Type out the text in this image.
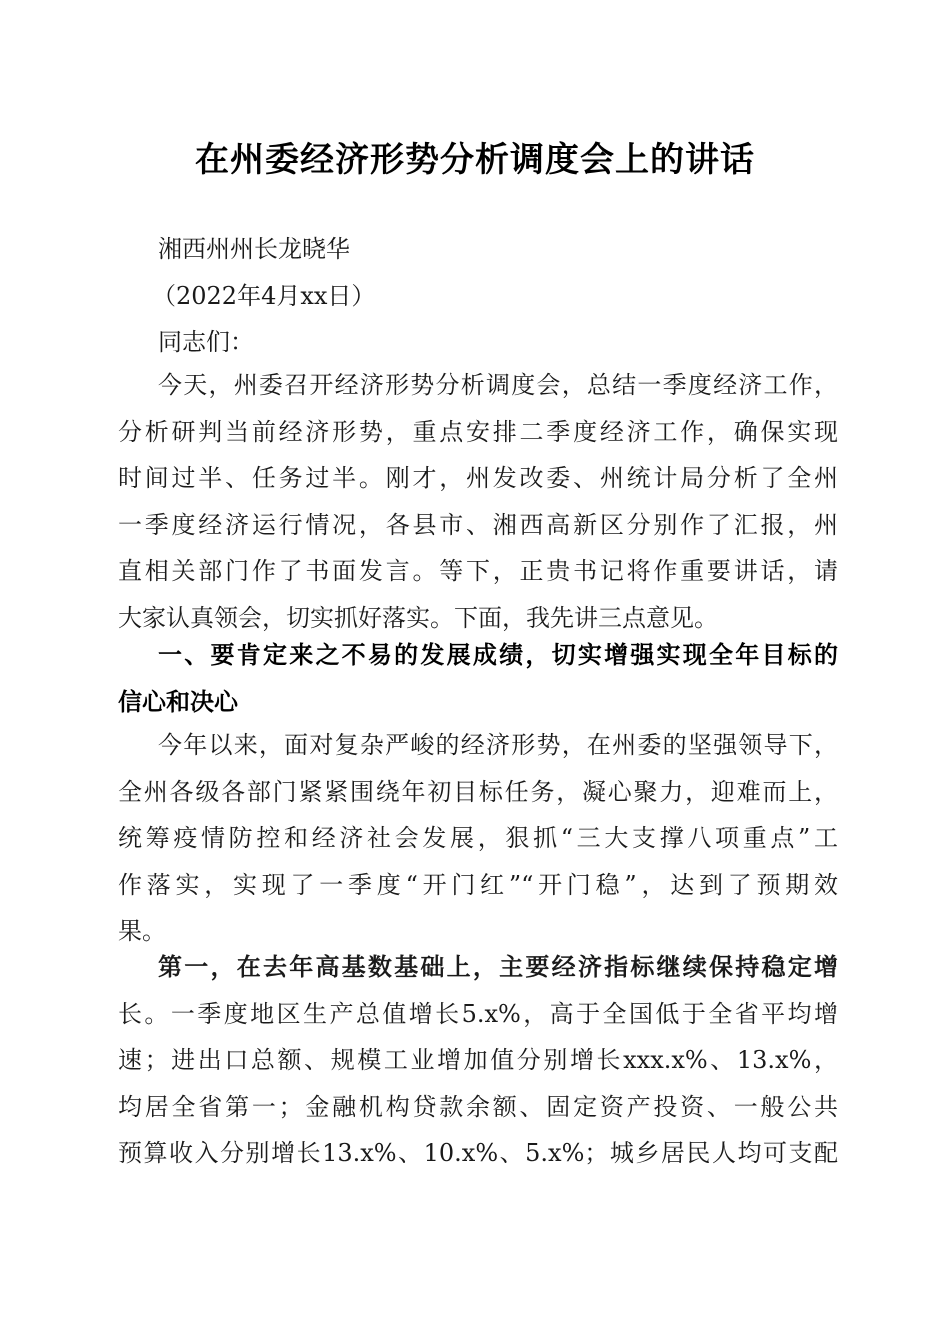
在州委经济形势分析调度会上的讲话
湘西州州长龙晓华
（2022年4月xx日）
同志们：
今天，州委召开经济形势分析调度会，总结一季度经济工作，
分析研判当前经济形势，重点安排二季度经济工作，确保实现
时间过半、任务过半。刚才，州发改委、州统计局分析了全州
一季度经济运行情况，各县市、湘西高新区分别作了汇报，州
直相关部门作了书面发言。等下，正贵书记将作重要讲话，请
大家认真领会，切实抓好落实。下面，我先讲三点意见。
一、要肯定来之不易的发展成绩，切实增强实现全年目标的
信心和决心
今年以来，面对复杂严峻的经济形势，在州委的坚强领导下，
全州各级各部门紧紧围绕年初目标任务，凝心聚力，迎难而上，
统筹疫情防控和经济社会发展，狠抓“三大支撑八项重点”工
作落实，实现了一季度“开门红”“开门稳”，达到了预期效
果。
第一，在去年高基数基础上，主要经济指标继续保持稳定增
长。一季度地区生产总值增长5.x%，高于全国低于全省平均增
速；进出口总额、规模工业增加值分别增长xxx.x%、13.x%，
均居全省第一；金融机构贷款余额、固定资产投资、一般公共
预算收入分别增长13.x%、10.x%、5.x%；城乡居民人均可支配
